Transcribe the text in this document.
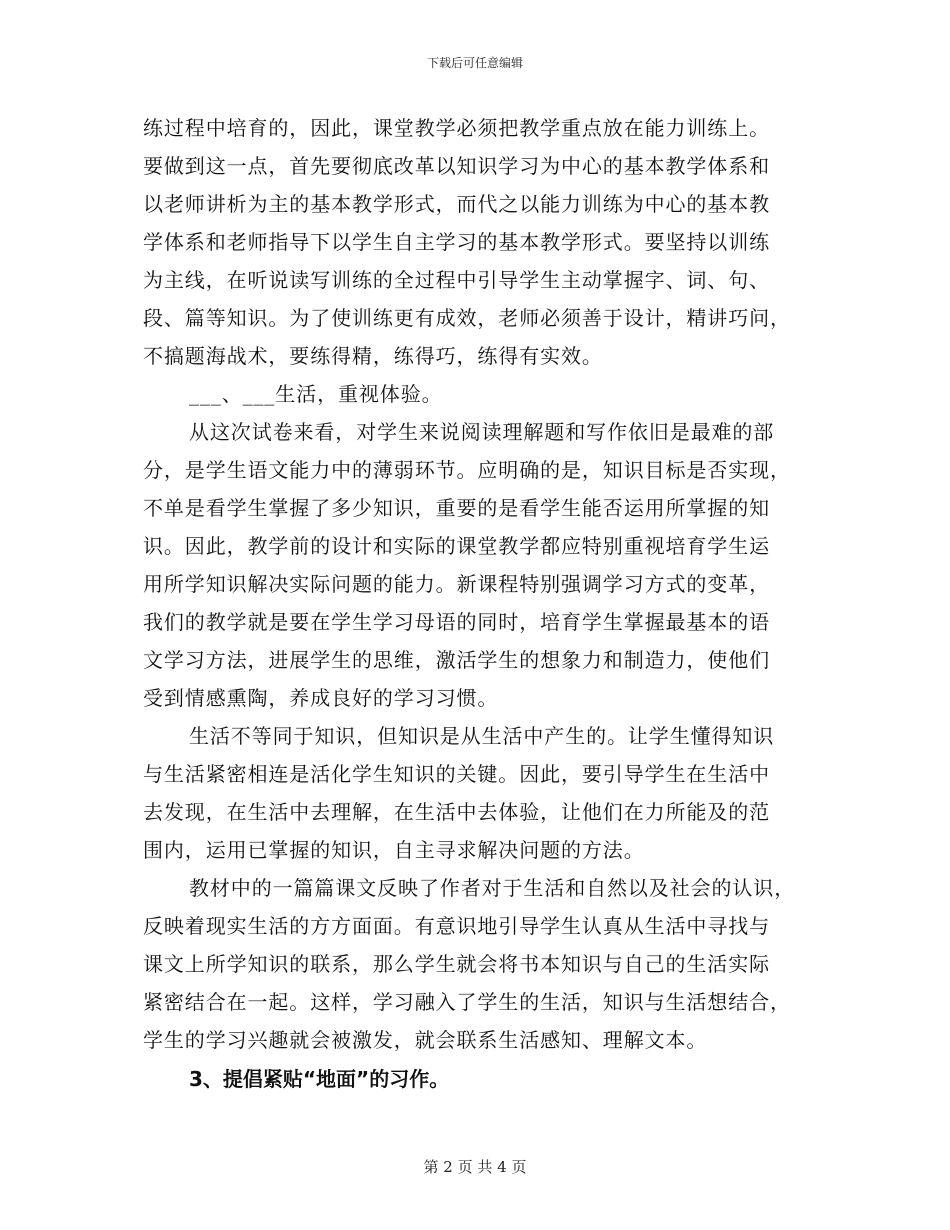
下载后可任意编辑
练过程中培育的，因此，课堂教学必须把教学重点放在能力训练上。
要做到这一点，首先要彻底改革以知识学习为中心的基本教学体系和
以老师讲析为主的基本教学形式，而代之以能力训练为中心的基本教
学体系和老师指导下以学生自主学习的基本教学形式。要坚持以训练
为主线，在听说读写训练的全过程中引导学生主动掌握字、词、句、
段、篇等知识。为了使训练更有成效，老师必须善于设计，精讲巧问，
不搞题海战术，要练得精，练得巧，练得有实效。
___、___生活，重视体验。
从这次试卷来看，对学生来说阅读理解题和写作依旧是最难的部
分，是学生语文能力中的薄弱环节。应明确的是，知识目标是否实现，
不单是看学生掌握了多少知识，重要的是看学生能否运用所掌握的知
识。因此，教学前的设计和实际的课堂教学都应特别重视培育学生运
用所学知识解决实际问题的能力。新课程特别强调学习方式的变革，
我们的教学就是要在学生学习母语的同时，培育学生掌握最基本的语
文学习方法，进展学生的思维，激活学生的想象力和制造力，使他们
受到情感熏陶，养成良好的学习习惯。
生活不等同于知识，但知识是从生活中产生的。让学生懂得知识
与生活紧密相连是活化学生知识的关键。因此，要引导学生在生活中
去发现，在生活中去理解，在生活中去体验，让他们在力所能及的范
围内，运用已掌握的知识，自主寻求解决问题的方法。
教材中的一篇篇课文反映了作者对于生活和自然以及社会的认识，
反映着现实生活的方方面面。有意识地引导学生认真从生活中寻找与
课文上所学知识的联系，那么学生就会将书本知识与自己的生活实际
紧密结合在一起。这样，学习融入了学生的生活，知识与生活想结合，
学生的学习兴趣就会被激发，就会联系生活感知、理解文本。
3、提倡紧贴“地面”的习作。
第 2 页 共 4 页
